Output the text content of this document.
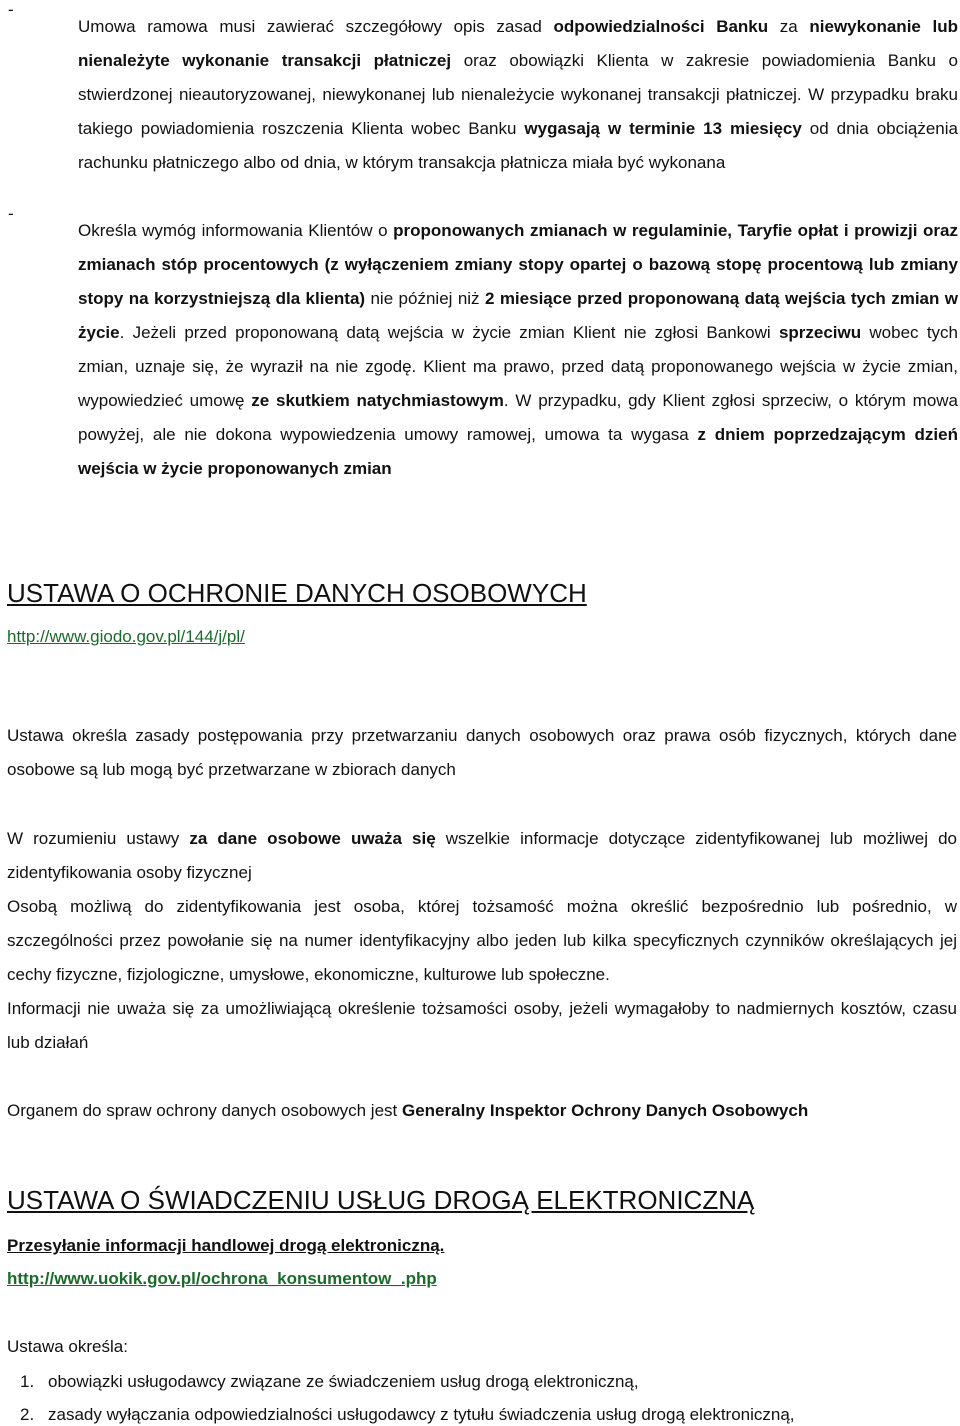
-

Umowa ramowa musi zawierać szczegółowy opis zasad odpowiedzialności Banku za niewykonanie lub nienależyte wykonanie transakcji płatniczej oraz obowiązki Klienta w zakresie powiadomienia Banku o stwierdzonej nieautoryzowanej, niewykonanej lub nienależycie wykonanej transakcji płatniczej. W przypadku braku takiego powiadomienia roszczenia Klienta wobec Banku wygasają w terminie 13 miesięcy od dnia obciążenia rachunku płatniczego albo od dnia, w którym transakcja płatnicza miała być wykonana

-

Określa wymóg informowania Klientów o proponowanych zmianach w regulaminie, Taryfie opłat i prowizji oraz zmianach stóp procentowych (z wyłączeniem zmiany stopy opartej o bazową stopę procentową lub zmiany stopy na korzystniejszą dla klienta) nie później niż 2 miesiące przed proponowaną datą wejścia tych zmian w życie. Jeżeli przed proponowaną datą wejścia w życie zmian Klient nie zgłosi Bankowi sprzeciwu wobec tych zmian, uznaje się, że wyraził na nie zgodę. Klient ma prawo, przed datą proponowanego wejścia w życie zmian, wypowiedzieć umowę ze skutkiem natychmiastowym. W przypadku, gdy Klient zgłosi sprzeciw, o którym mowa powyżej, ale nie dokona wypowiedzenia umowy ramowej, umowa ta wygasa z dniem poprzedzającym dzień wejścia w życie proponowanych zmian

USTAWA O OCHRONIE DANYCH OSOBOWYCH
http://www.giodo.gov.pl/144/j/pl/

Ustawa określa zasady postępowania przy przetwarzaniu danych osobowych oraz prawa osób fizycznych, których dane osobowe są lub mogą być przetwarzane w zbiorach danych

W rozumieniu ustawy za dane osobowe uważa się wszelkie informacje dotyczące zidentyfikowanej lub możliwej do zidentyfikowania osoby fizycznej

Osobą możliwą do zidentyfikowania jest osoba, której tożsamość można określić bezpośrednio lub pośrednio, w szczególności przez powołanie się na numer identyfikacyjny albo jeden lub kilka specyficznych czynników określających jej cechy fizyczne, fizjologiczne, umysłowe, ekonomiczne, kulturowe lub społeczne.

Informacji nie uważa się za umożliwiającą określenie tożsamości osoby, jeżeli wymagałoby to nadmiernych kosztów, czasu lub działań

Organem do spraw ochrony danych osobowych jest Generalny Inspektor Ochrony Danych Osobowych

USTAWA O ŚWIADCZENIU USŁUG DROGĄ ELEKTRONICZNĄ
Przesyłanie informacji handlowej drogą elektroniczną.
http://www.uokik.gov.pl/ochrona_konsumentow_.php
Ustawa określa:
1. obowiązki usługodawcy związane ze świadczeniem usług drogą elektroniczną,
2. zasady wyłączania odpowiedzialności usługodawcy z tytułu świadczenia usług drogą elektroniczną,
